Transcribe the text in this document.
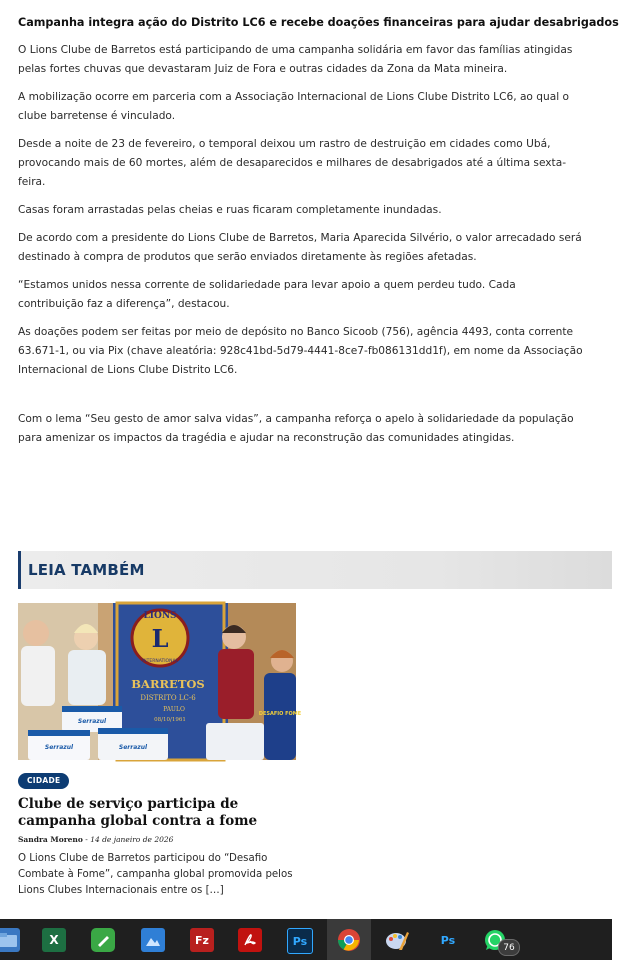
Campanha integra ação do Distrito LC6 e recebe doações financeiras para ajudar desabrigados

O Lions Clube de Barretos está participando de uma campanha solidária em favor das famílias atingidas pelas fortes chuvas que devastaram Juiz de Fora e outras cidades da Zona da Mata mineira.

A mobilização ocorre em parceria com a Associação Internacional de Lions Clube Distrito LC6, ao qual o clube barretense é vinculado.

Desde a noite de 23 de fevereiro, o temporal deixou um rastro de destruição em cidades como Ubá, provocando mais de 60 mortes, além de desaparecidos e milhares de desabrigados até a última sexta-feira.

Casas foram arrastadas pelas cheias e ruas ficaram completamente inundadas.

De acordo com a presidente do Lions Clube de Barretos, Maria Aparecida Silvério, o valor arrecadado será destinado à compra de produtos que serão enviados diretamente às regiões afetadas.

“Estamos unidos nessa corrente de solidariedade para levar apoio a quem perdeu tudo. Cada contribuição faz a diferença”, destacou.

As doações podem ser feitas por meio de depósito no Banco Sicoob (756), agência 4493, conta corrente 63.671-1, ou via Pix (chave aleatória: 928c41bd-5d79-4441-8ce7-fb086131dd1f), em nome da Associação Internacional de Lions Clube Distrito LC6.

Com o lema “Seu gesto de amor salva vidas”, a campanha reforça o apelo à solidariedade da população para amenizar os impactos da tragédia e ajudar na reconstrução das comunidades atingidas.

LEIA TAMBÉM
LIONS
L
INTERNATIONAL
BARRETOS
DISTRITO LC-6
PAULO
08/10/1961
DESAFIO FOME
Serrazul
Serrazul	Serrazul
CIDADE
Clube de serviço participa de campanha global contra a fome
Sandra Moreno - 14 de janeiro de 2026
O Lions Clube de Barretos participou do “Desafio Combate à Fome”, campanha global promovida pelos Lions Clubes Internacionais entre os […]
X	Fz	Ps	Ps
76
